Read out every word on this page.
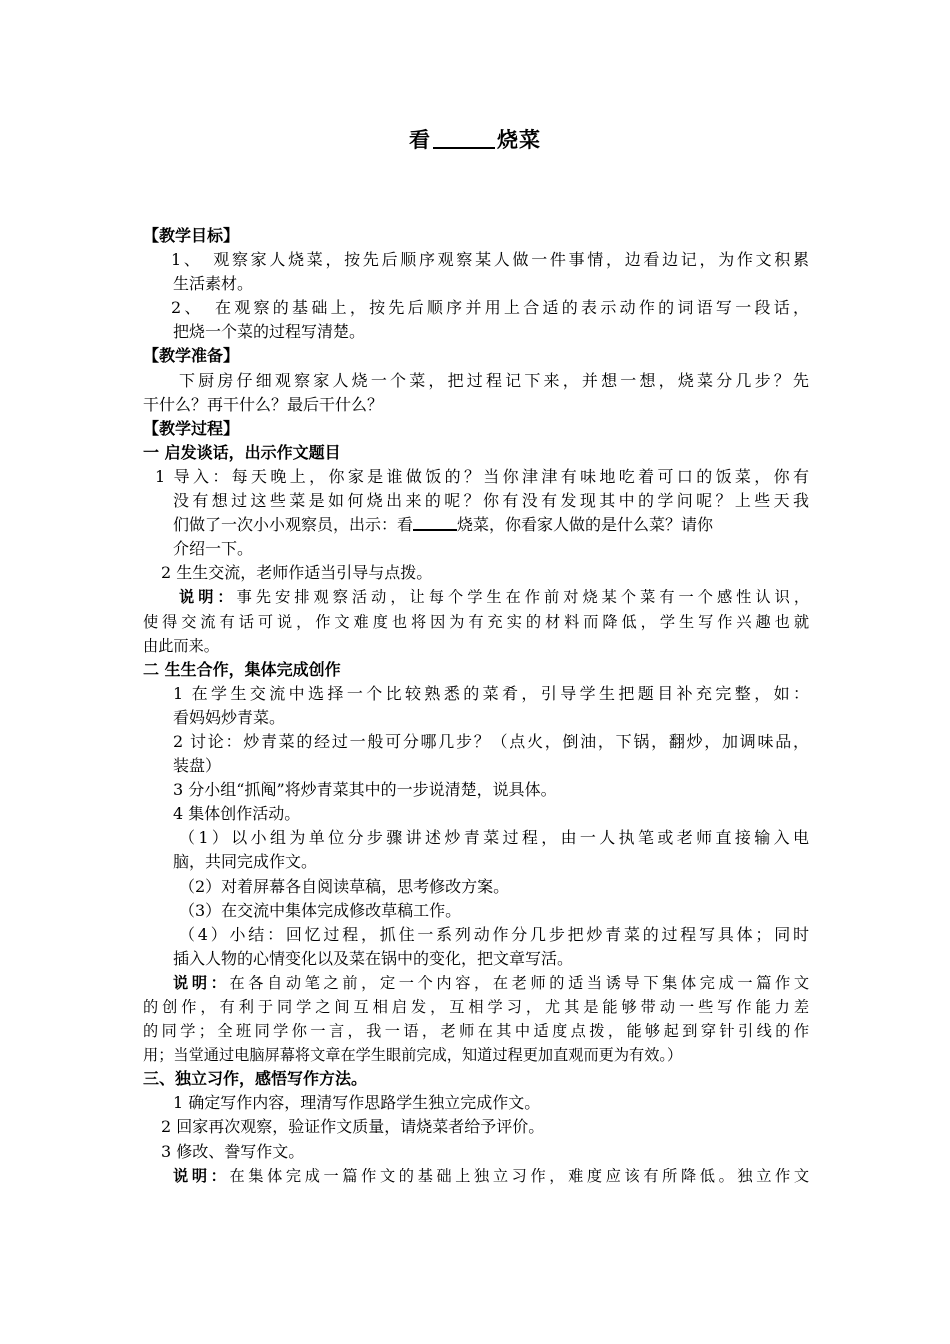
看	烧菜
【教学目标】
1、　观察家人烧菜，按先后顺序观察某人做一件事情，边看边记，为作文积累
生活素材。
2、　在观察的基础上，按先后顺序并用上合适的表示动作的词语写一段话，
把烧一个菜的过程写清楚。
【教学准备】
下厨房仔细观察家人烧一个菜，把过程记下来，并想一想，烧菜分几步？先
干什么？再干什么？最后干什么？
【教学过程】
一 启发谈话，出示作文题目
1 导入：每天晚上，你家是谁做饭的？当你津津有味地吃着可口的饭菜，你有
没有想过这些菜是如何烧出来的呢？你有没有发现其中的学问呢？上些天我
们做了一次小小观察员，出示：看	烧菜，你看家人做的是什么菜？请你
介绍一下。
2 生生交流，老师作适当引导与点拨。
说明：事先安排观察活动，让每个学生在作前对烧某个菜有一个感性认识，
使得交流有话可说，作文难度也将因为有充实的材料而降低，学生写作兴趣也就
由此而来。
二 生生合作，集体完成创作
1 在学生交流中选择一个比较熟悉的菜肴，引导学生把题目补充完整，如：
看妈妈炒青菜。
2 讨论：炒青菜的经过一般可分哪几步？（点火，倒油，下锅，翻炒，加调味品，
装盘）
3 分小组“抓阄”将炒青菜其中的一步说清楚，说具体。
4 集体创作活动。
（1）以小组为单位分步骤讲述炒青菜过程，由一人执笔或老师直接输入电
脑，共同完成作文。
（2）对着屏幕各自阅读草稿，思考修改方案。
（3）在交流中集体完成修改草稿工作。
（4）小结：回忆过程，抓住一系列动作分几步把炒青菜的过程写具体；同时
插入人物的心情变化以及菜在锅中的变化，把文章写活。
说明：在各自动笔之前，定一个内容，在老师的适当诱导下集体完成一篇作文
的创作，有利于同学之间互相启发，互相学习，尤其是能够带动一些写作能力差
的同学；全班同学你一言，我一语，老师在其中适度点拨，能够起到穿针引线的作
用；当堂通过电脑屏幕将文章在学生眼前完成，知道过程更加直观而更为有效。）
三、独立习作，感悟写作方法。
1 确定写作内容，理清写作思路学生独立完成作文。
2 回家再次观察，验证作文质量，请烧菜者给予评价。
3 修改、誊写作文。
说明：在集体完成一篇作文的基础上独立习作，难度应该有所降低。独立作文
